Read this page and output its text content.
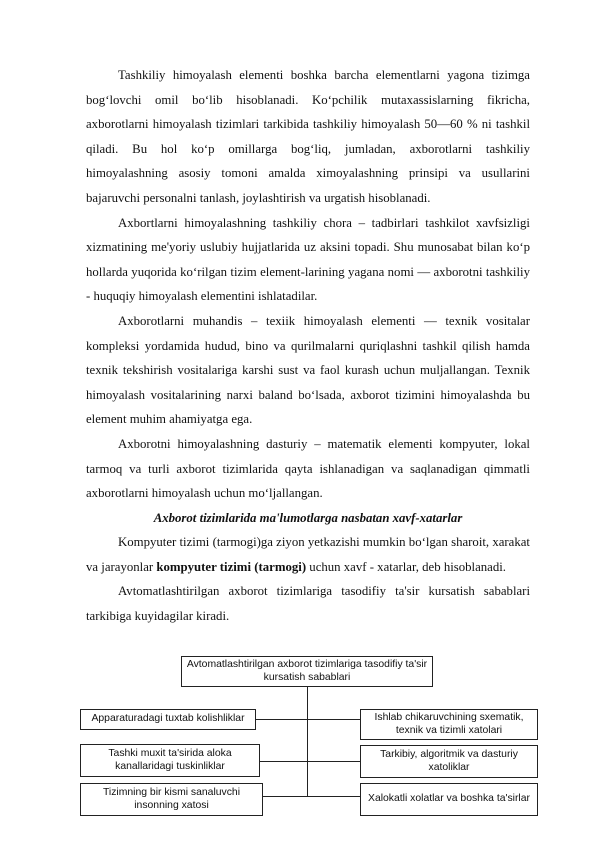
Tashkiliy himoyalash elementi boshka barcha elementlarni yagona tizimga bog‘lovchi omil bo‘lib hisoblanadi. Ko‘pchilik mutaxassislarning fikricha, axborotlarni himoyalash tizimlari tarkibida tashkiliy himoyalash 50—60 % ni tashkil qiladi. Bu hol ko‘p omillarga bog‘liq, jumladan, axborotlarni tashkiliy himoyalashning asosiy tomoni amalda ximoyalashning prinsipi va usullarini bajaruvchi personalni tanlash, joylashtirish va urgatish hisoblanadi.

Axbortlarni himoyalashning tashkiliy chora – tadbirlari tashkilot xavfsizligi xizmatining me'yoriy uslubiy hujjatlarida uz aksini topadi. Shu munosabat bilan ko‘p hollarda yuqorida ko‘rilgan tizim element-larining yagana nomi — axborotni tashkiliy - huquqiy himoyalash elementini ishlatadilar.

Axborotlarni muhandis – texiik himoyalash elementi — texnik vositalar kompleksi yordamida hudud, bino va qurilmalarni quriqlashni tashkil qilish hamda texnik tekshirish vositalariga karshi sust va faol kurash uchun muljallangan. Texnik himoyalash vositalarining narxi baland bo‘lsada, axborot tizimini himoyalashda bu element muhim ahamiyatga ega.

Axborotni himoyalashning dasturiy – matematik elementi kompyuter, lokal tarmoq va turli axborot tizimlarida qayta ishlanadigan va saqlanadigan qimmatli axborotlarni himoyalash uchun mo‘ljallangan.

Axborot tizimlarida ma'lumotlarga nasbatan xavf-xatarlar

Kompyuter tizimi (tarmogi)ga ziyon yetkazishi mumkin bo‘lgan sharoit, xarakat va jarayonlar kompyuter tizimi (tarmogi) uchun xavf - xatarlar, deb hisoblanadi.

Avtomatlashtirilgan axborot tizimlariga tasodifiy ta'sir kursatish sabablari tarkibiga kuyidagilar kiradi.

Avtomatlashtirilgan axborot tizimlariga tasodifiy ta'sir kursatish sabablari
Apparaturadagi tuxtab kolishliklar
Tashki muxit ta'sirida aloka kanallaridagi tuskinliklar
Tizimning bir kismi sanaluvchi insonning xatosi
Ishlab chikaruvchining sxematik, texnik va tizimli xatolari
Tarkibiy, algoritmik va dasturiy xatoliklar
Xalokatli xolatlar va boshka ta'sirlar
